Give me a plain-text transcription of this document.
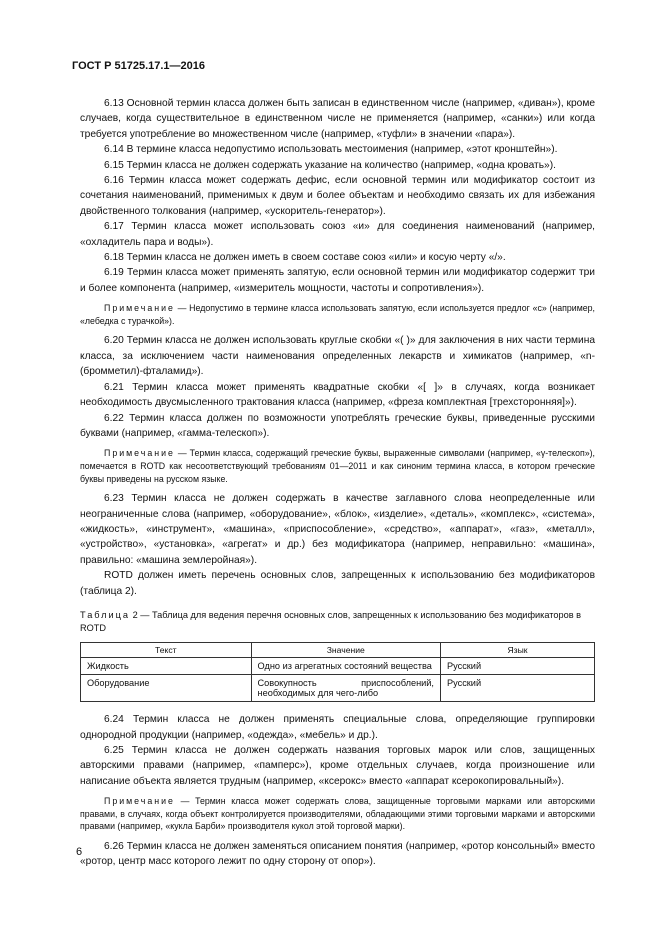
ГОСТ Р 51725.17.1—2016

6.13 Основной термин класса должен быть записан в единственном числе (например, «диван»), кроме случаев, когда существительное в единственном числе не применяется (например, «санки») или когда требуется употребление во множественном числе (например, «туфли» в значении «пара»).

6.14 В термине класса недопустимо использовать местоимения (например, «этот кронштейн»).

6.15 Термин класса не должен содержать указание на количество (например, «одна кровать»).

6.16 Термин класса может содержать дефис, если основной термин или модификатор состоит из сочетания наименований, применимых к двум и более объектам и необходимо связать их для избежания двойственного толкования (например, «ускоритель-генератор»).

6.17 Термин класса может использовать союз «и» для соединения наименований (например, «охладитель пара и воды»).

6.18 Термин класса не должен иметь в своем составе союз «или» и косую черту «/».

6.19 Термин класса может применять запятую, если основной термин или модификатор содержит три и более компонента (например, «измеритель мощности, частоты и сопротивления»).

Примечание — Недопустимо в термине класса использовать запятую, если используется предлог «с» (например, «лебедка с турачкой»).

6.20 Термин класса не должен использовать круглые скобки «( )» для заключения в них части термина класса, за исключением части наименования определенных лекарств и химикатов (например, «n-(бромметил)-фталамид»).

6.21 Термин класса может применять квадратные скобки «[ ]» в случаях, когда возникает необходимость двусмысленного трактования класса (например, «фреза комплектная [трехсторонняя]»).

6.22 Термин класса должен по возможности употреблять греческие буквы, приведенные русскими буквами (например, «гамма-телескоп»).

Примечание — Термин класса, содержащий греческие буквы, выраженные символами (например, «γ-телескоп»), помечается в ROTD как несоответствующий требованиям 01—2011 и как синоним термина класса, в котором греческие буквы приведены на русском языке.

6.23 Термин класса не должен содержать в качестве заглавного слова неопределенные или неограниченные слова (например, «оборудование», «блок», «изделие», «деталь», «комплекс», «система», «жидкость», «инструмент», «машина», «приспособление», «средство», «аппарат», «газ», «металл», «устройство», «установка», «агрегат» и др.) без модификатора (например, неправильно: «машина», правильно: «машина землеройная»).

ROTD должен иметь перечень основных слов, запрещенных к использованию без модификаторов (таблица 2).

Таблица 2 — Таблица для ведения перечня основных слов, запрещенных к использованию без модификаторов в ROTD
Текст	Значение	Язык
Жидкость	Одно из агрегатных состояний вещества	Русский
Оборудование	Совокупность приспособлений, необходимых для чего-либо	Русский

6.24 Термин класса не должен применять специальные слова, определяющие группировки однородной продукции (например, «одежда», «мебель» и др.).

6.25 Термин класса не должен содержать названия торговых марок или слов, защищенных авторскими правами (например, «памперс»), кроме отдельных случаев, когда произношение или написание объекта является трудным (например, «ксерокс» вместо «аппарат ксерокопировальный»).

Примечание — Термин класса может содержать слова, защищенные торговыми марками или авторскими правами, в случаях, когда объект контролируется производителями, обладающими этими торговыми марками и авторскими правами (например, «кукла Барби» производителя кукол этой торговой марки).

6.26 Термин класса не должен заменяться описанием понятия (например, «ротор консольный» вместо «ротор, центр масс которого лежит по одну сторону от опор»).

6
